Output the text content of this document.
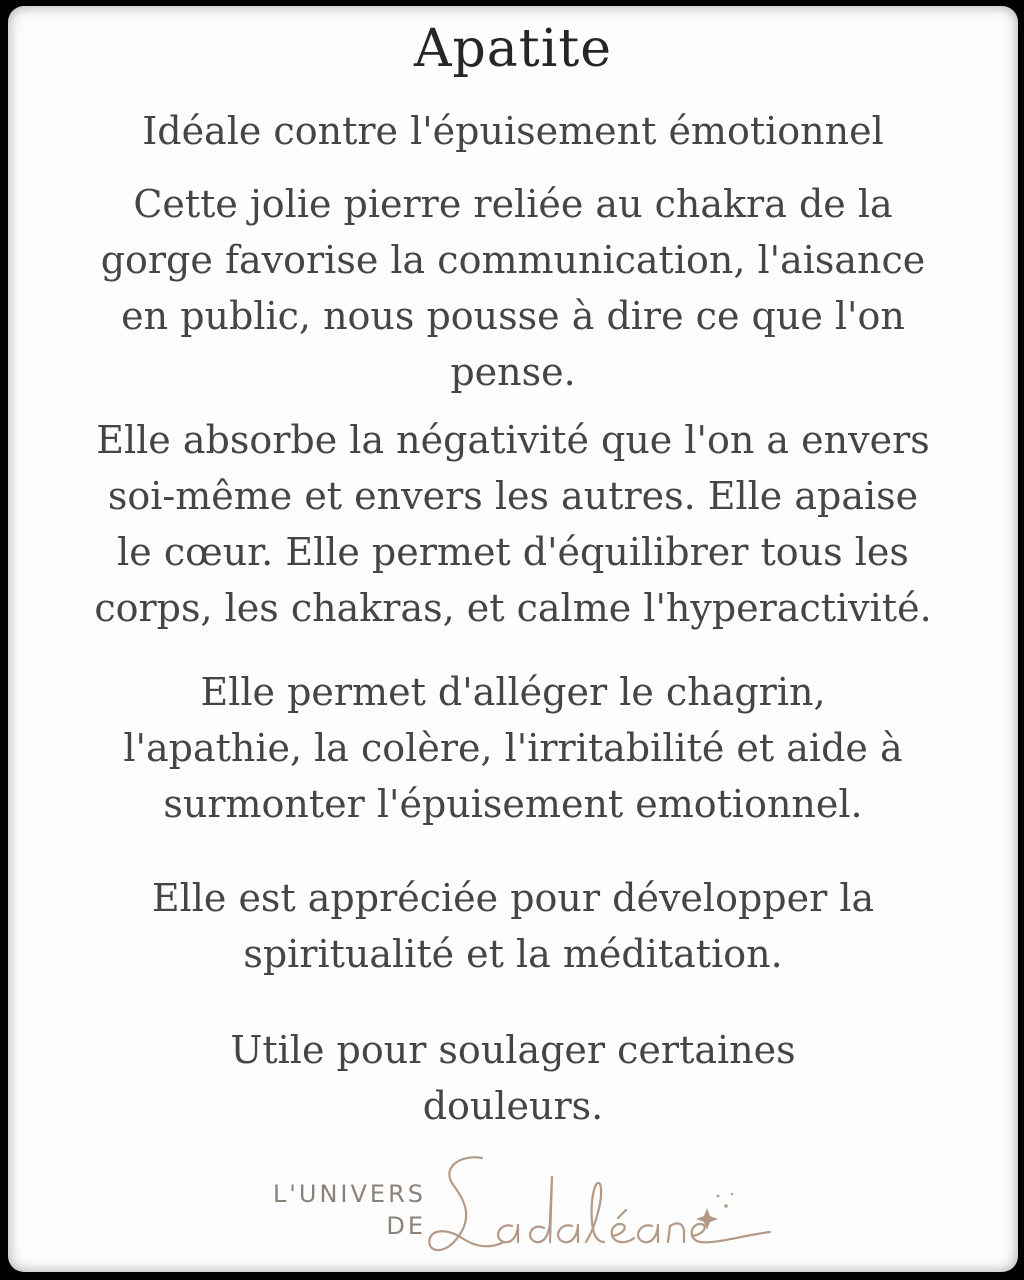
Apatite
Idéale contre l'épuisement émotionnel

Cette jolie pierre reliée au chakra de la
gorge favorise la communication, l'aisance
en public, nous pousse à dire ce que l'on
pense.

Elle absorbe la négativité que l'on a envers
soi-même et envers les autres. Elle apaise
le cœur. Elle permet d'équilibrer tous les
corps, les chakras, et calme l'hyperactivité.

Elle permet d'alléger le chagrin,
l'apathie, la colère, l'irritabilité et aide à
surmonter l'épuisement emotionnel.

Elle est appréciée pour développer la
spiritualité et la méditation.

Utile pour soulager certaines
douleurs.

L'UNIVERS
DE
